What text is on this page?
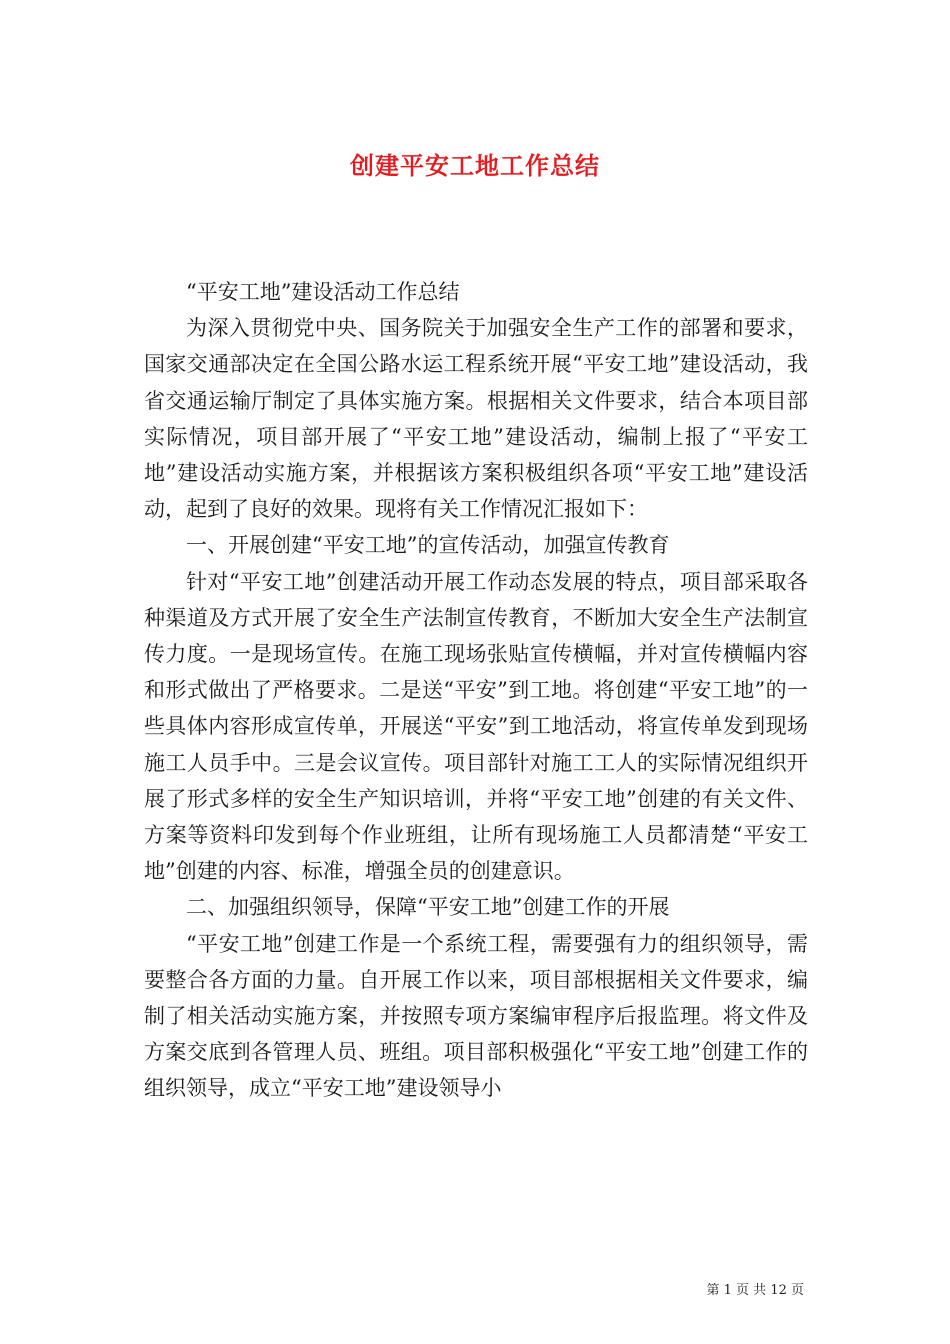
创建平安工地工作总结

“平安工地”建设活动工作总结

为深入贯彻党中央、国务院关于加强安全生产工作的部署和要求，国家交通部决定在全国公路水运工程系统开展“平安工地”建设活动，我省交通运输厅制定了具体实施方案。根据相关文件要求，结合本项目部实际情况，项目部开展了“平安工地”建设活动，编制上报了“平安工地”建设活动实施方案，并根据该方案积极组织各项“平安工地”建设活动，起到了良好的效果。现将有关工作情况汇报如下：

一、开展创建“平安工地”的宣传活动，加强宣传教育

针对“平安工地”创建活动开展工作动态发展的特点，项目部采取各种渠道及方式开展了安全生产法制宣传教育，不断加大安全生产法制宣传力度。一是现场宣传。在施工现场张贴宣传横幅，并对宣传横幅内容和形式做出了严格要求。二是送“平安”到工地。将创建“平安工地”的一些具体内容形成宣传单，开展送“平安”到工地活动，将宣传单发到现场施工人员手中。三是会议宣传。项目部针对施工工人的实际情况组织开展了形式多样的安全生产知识培训，并将“平安工地”创建的有关文件、方案等资料印发到每个作业班组，让所有现场施工人员都清楚“平安工地”创建的内容、标准，增强全员的创建意识。

二、加强组织领导，保障“平安工地”创建工作的开展

“平安工地”创建工作是一个系统工程，需要强有力的组织领导，需要整合各方面的力量。自开展工作以来，项目部根据相关文件要求，编制了相关活动实施方案，并按照专项方案编审程序后报监理。将文件及方案交底到各管理人员、班组。项目部积极强化“平安工地”创建工作的组织领导，成立“平安工地”建设领导小

第 1 页 共 12 页
